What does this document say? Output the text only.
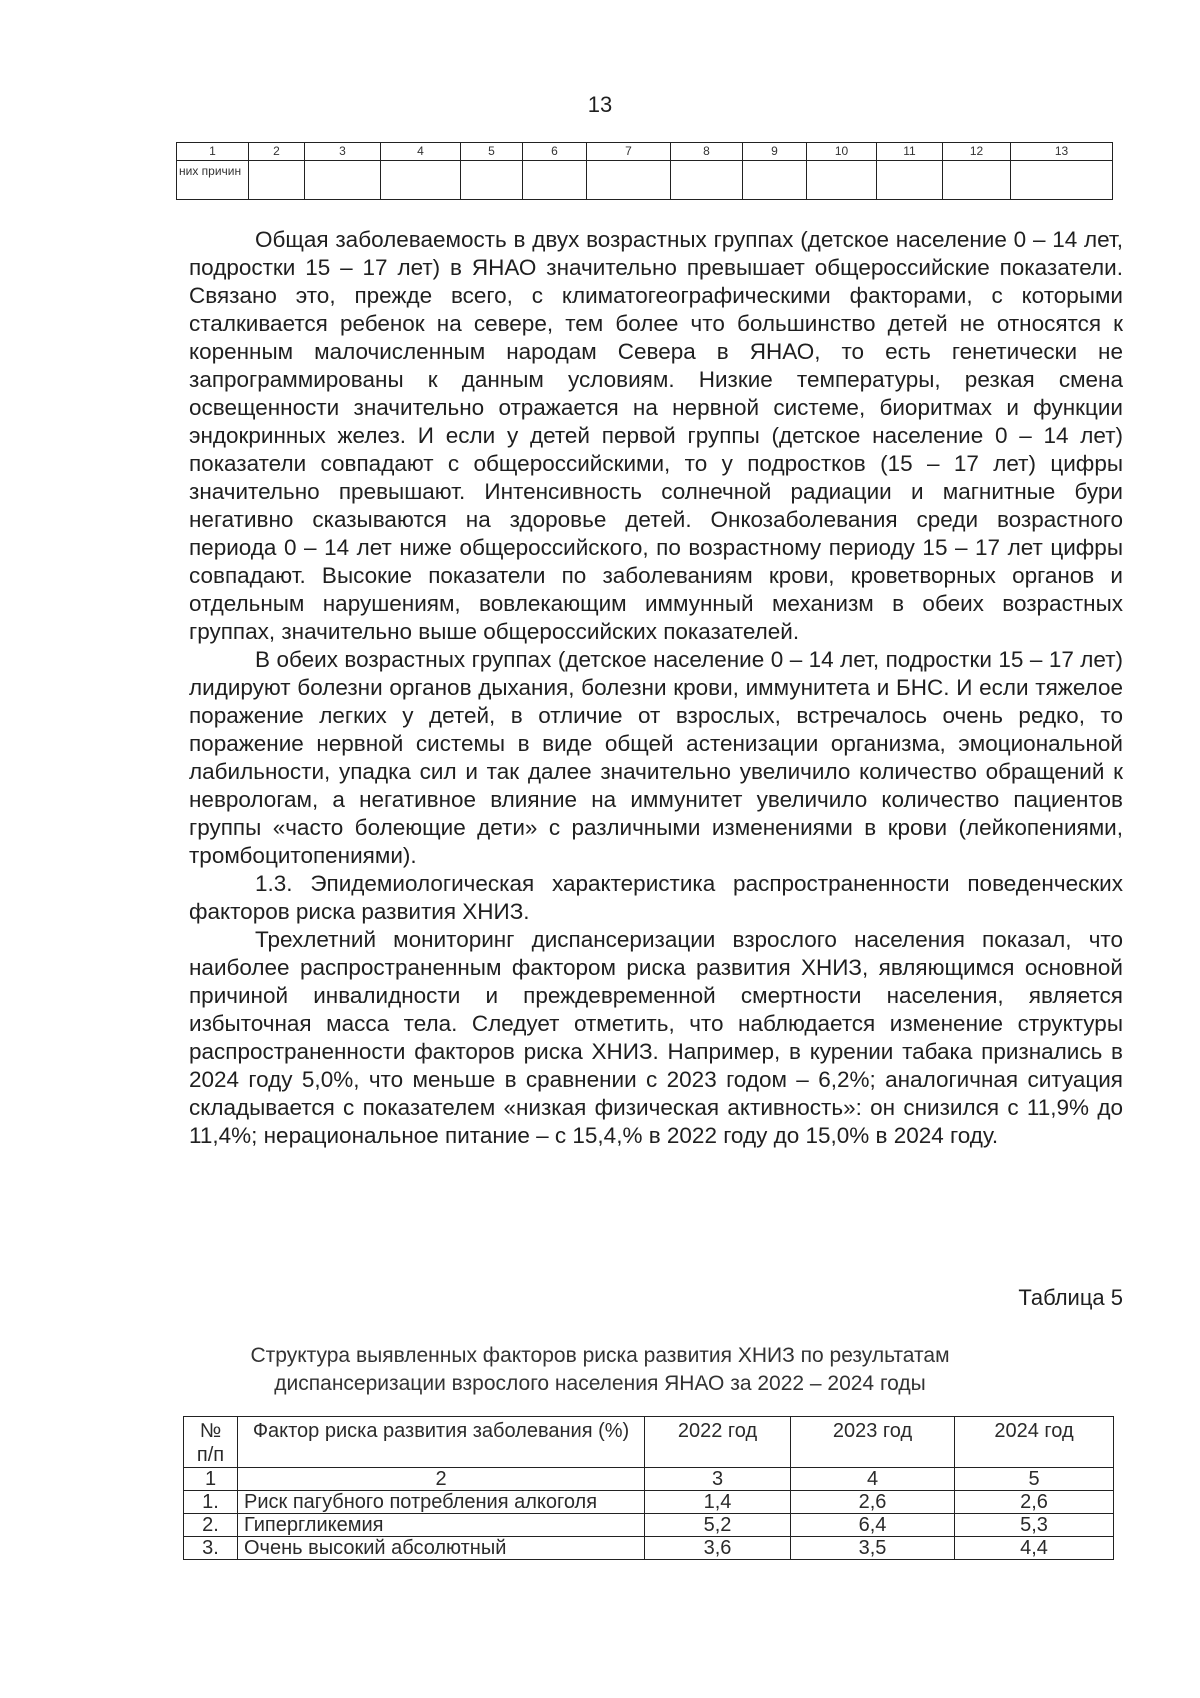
13
1	2	3	4	5	6	7	8	9	10	11	12	13
них причин												

Общая заболеваемость в двух возрастных группах (детское население 0 – 14 лет, подростки 15 – 17 лет) в ЯНАО значительно превышает общероссийские показатели. Связано это, прежде всего, с климатогеографическими факторами, с которыми сталкивается ребенок на севере, тем более что большинство детей не относятся к коренным малочисленным народам Севера в ЯНАО, то есть генетически не запрограммированы к данным условиям. Низкие температуры, резкая смена освещенности значительно отражается на нервной системе, биоритмах и функции эндокринных желез. И если у детей первой группы (детское население 0 – 14 лет) показатели совпадают с общероссийскими, то у подростков (15 – 17 лет) цифры значительно превышают. Интенсивность солнечной радиации и магнитные бури негативно сказываются на здоровье детей. Онкозаболевания среди возрастного периода 0 – 14 лет ниже общероссийского, по возрастному периоду 15 – 17 лет цифры совпадают. Высокие показатели по заболеваниям крови, кроветворных органов и отдельным нарушениям, вовлекающим иммунный механизм в обеих возрастных группах, значительно выше общероссийских показателей.

В обеих возрастных группах (детское население 0 – 14 лет, подростки 15 – 17 лет) лидируют болезни органов дыхания, болезни крови, иммунитета и БНС. И если тяжелое поражение легких у детей, в отличие от взрослых, встречалось очень редко, то поражение нервной системы в виде общей астенизации организма, эмоциональной лабильности, упадка сил и так далее значительно увеличило количество обращений к неврологам, а негативное влияние на иммунитет увеличило количество пациентов группы «часто болеющие дети» с различными изменениями в крови (лейкопениями, тромбоцитопениями).

1.3. Эпидемиологическая характеристика распространенности поведенческих факторов риска развития ХНИЗ.

Трехлетний мониторинг диспансеризации взрослого населения показал, что наиболее распространенным фактором риска развития ХНИЗ, являющимся основной причиной инвалидности и преждевременной смертности населения, является избыточная масса тела. Следует отметить, что наблюдается изменение структуры распространенности факторов риска ХНИЗ. Например, в курении табака признались в 2024 году 5,0%, что меньше в сравнении с 2023 годом – 6,2%; аналогичная ситуация складывается с показателем «низкая физическая активность»: он снизился с 11,9% до 11,4%; нерациональное питание – с 15,4,% в 2022 году до 15,0% в 2024 году.

Таблица 5
Структура выявленных факторов риска развития ХНИЗ по результатам диспансеризации взрослого населения ЯНАО за 2022 – 2024 годы
№ п/п	Фактор риска развития заболевания (%)	2022 год	2023 год	2024 год
1	2	3	4	5
1.	Риск пагубного потребления алкоголя	1,4	2,6	2,6
2.	Гипергликемия	5,2	6,4	5,3
3.	Очень высокий абсолютный	3,6	3,5	4,4
